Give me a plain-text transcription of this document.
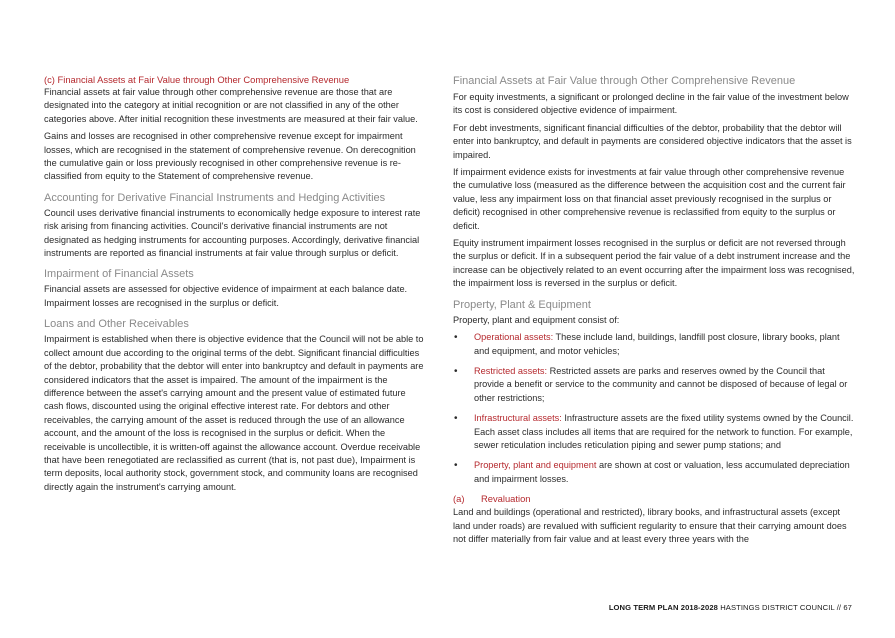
(c) Financial Assets at Fair Value through Other Comprehensive Revenue

Financial assets at fair value through other comprehensive revenue are those that are designated into the category at initial recognition or are not classified in any of the other categories above. After initial recognition these investments are measured at their fair value.

Gains and losses are recognised in other comprehensive revenue except for impairment losses, which are recognised in the statement of comprehensive revenue. On derecognition the cumulative gain or loss previously recognised in other comprehensive revenue is re-classified from equity to the Statement of comprehensive revenue.

Accounting for Derivative Financial Instruments and Hedging Activities

Council uses derivative financial instruments to economically hedge exposure to interest rate risk arising from financing activities. Council's derivative financial instruments are not designated as hedging instruments for accounting purposes. Accordingly, derivative financial instruments are reported as financial instruments at fair value through surplus or deficit.

Impairment of Financial Assets

Financial assets are assessed for objective evidence of impairment at each balance date. Impairment losses are recognised in the surplus or deficit.

Loans and Other Receivables

Impairment is established when there is objective evidence that the Council will not be able to collect amount due according to the original terms of the debt. Significant financial difficulties of the debtor, probability that the debtor will enter into bankruptcy and default in payments are considered indicators that the asset is impaired. The amount of the impairment is the difference between the asset's carrying amount and the present value of estimated future cash flows, discounted using the original effective interest rate. For debtors and other receivables, the carrying amount of the asset is reduced through the use of an allowance account, and the amount of the loss is recognised in the surplus or deficit. When the receivable is uncollectible, it is written-off against the allowance account. Overdue receivable that have been renegotiated are reclassified as current (that is, not past due), Impairment is term deposits, local authority stock, government stock, and community loans are recognised directly again the instrument's carrying amount.

Financial Assets at Fair Value through Other Comprehensive Revenue

For equity investments, a significant or prolonged decline in the fair value of the investment below its cost is considered objective evidence of impairment.

For debt investments, significant financial difficulties of the debtor, probability that the debtor will enter into bankruptcy, and default in payments are considered objective indicators that the asset is impaired.

If impairment evidence exists for investments at fair value through other comprehensive revenue the cumulative loss (measured as the difference between the acquisition cost and the current fair value, less any impairment loss on that financial asset previously recognised in the surplus or deficit) recognised in other comprehensive revenue is reclassified from equity to the surplus or deficit.

Equity instrument impairment losses recognised in the surplus or deficit are not reversed through the surplus or deficit. If in a subsequent period the fair value of a debt instrument increase and the increase can be objectively related to an event occurring after the impairment loss was recognised, the impairment loss is reversed in the surplus or deficit.

Property, Plant & Equipment

Property, plant and equipment consist of:

• Operational assets: These include land, buildings, landfill post closure, library books, plant and equipment, and motor vehicles;
• Restricted assets: Restricted assets are parks and reserves owned by the Council that provide a benefit or service to the community and cannot be disposed of because of legal or other restrictions;
• Infrastructural assets: Infrastructure assets are the fixed utility systems owned by the Council. Each asset class includes all items that are required for the network to function. For example, sewer reticulation includes reticulation piping and sewer pump stations; and
• Property, plant and equipment are shown at cost or valuation, less accumulated depreciation and impairment losses.
(a) Revaluation

Land and buildings (operational and restricted), library books, and infrastructural assets (except land under roads) are revalued with sufficient regularity to ensure that their carrying amount does not differ materially from fair value and at least every three years with the

LONG TERM PLAN 2018-2028 HASTINGS DISTRICT COUNCIL // 67
